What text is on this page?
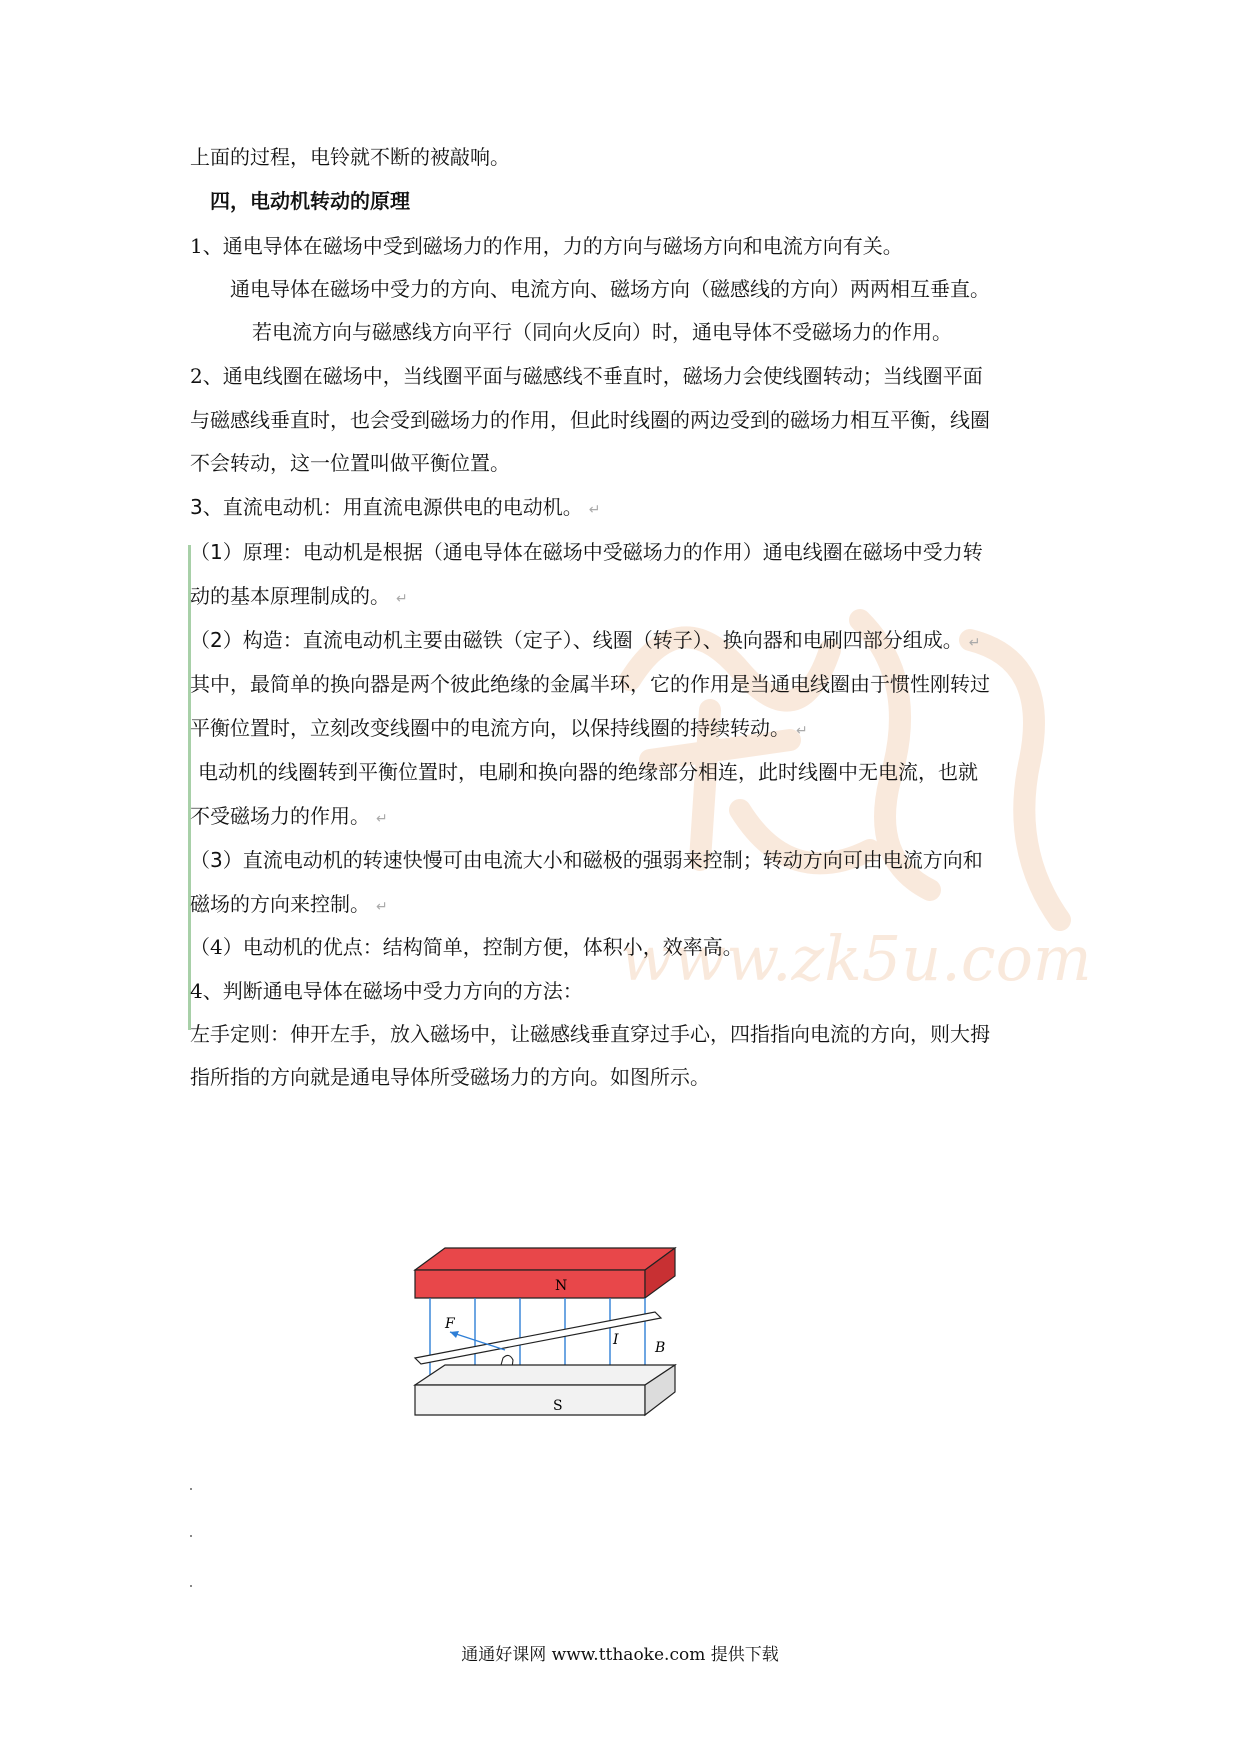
上面的过程，电铃就不断的被敲响。
四，电动机转动的原理
1、通电导体在磁场中受到磁场力的作用，力的方向与磁场方向和电流方向有关。
通电导体在磁场中受力的方向、电流方向、磁场方向（磁感线的方向）两两相互垂直。
若电流方向与磁感线方向平行（同向火反向）时，通电导体不受磁场力的作用。
2、通电线圈在磁场中，当线圈平面与磁感线不垂直时，磁场力会使线圈转动；当线圈平面
与磁感线垂直时，也会受到磁场力的作用，但此时线圈的两边受到的磁场力相互平衡，线圈
不会转动，这一位置叫做平衡位置。
www.zk5u.com
3、直流电动机：用直流电源供电的电动机。 ↵
（1）原理：电动机是根据（通电导体在磁场中受磁场力的作用）通电线圈在磁场中受力转
动的基本原理制成的。 ↵
（2）构造：直流电动机主要由磁铁（定子）、线圈（转子）、换向器和电刷四部分组成。 ↵
其中，最简单的换向器是两个彼此绝缘的金属半环，它的作用是当通电线圈由于惯性刚转过
平衡位置时，立刻改变线圈中的电流方向，以保持线圈的持续转动。 ↵
电动机的线圈转到平衡位置时，电刷和换向器的绝缘部分相连，此时线圈中无电流，也就
不受磁场力的作用。 ↵
（3）直流电动机的转速快慢可由电流大小和磁极的强弱来控制；转动方向可由电流方向和
磁场的方向来控制。 ↵
（4）电动机的优点：结构简单，控制方便，体积小，效率高。
4、判断通电导体在磁场中受力方向的方法：
左手定则：伸开左手，放入磁场中，让磁感线垂直穿过手心，四指指向电流的方向，则大拇
指所指的方向就是通电导体所受磁场力的方向。如图所示。
N
F
I	B
S
通通好课网 www.tthaoke.com 提供下载
